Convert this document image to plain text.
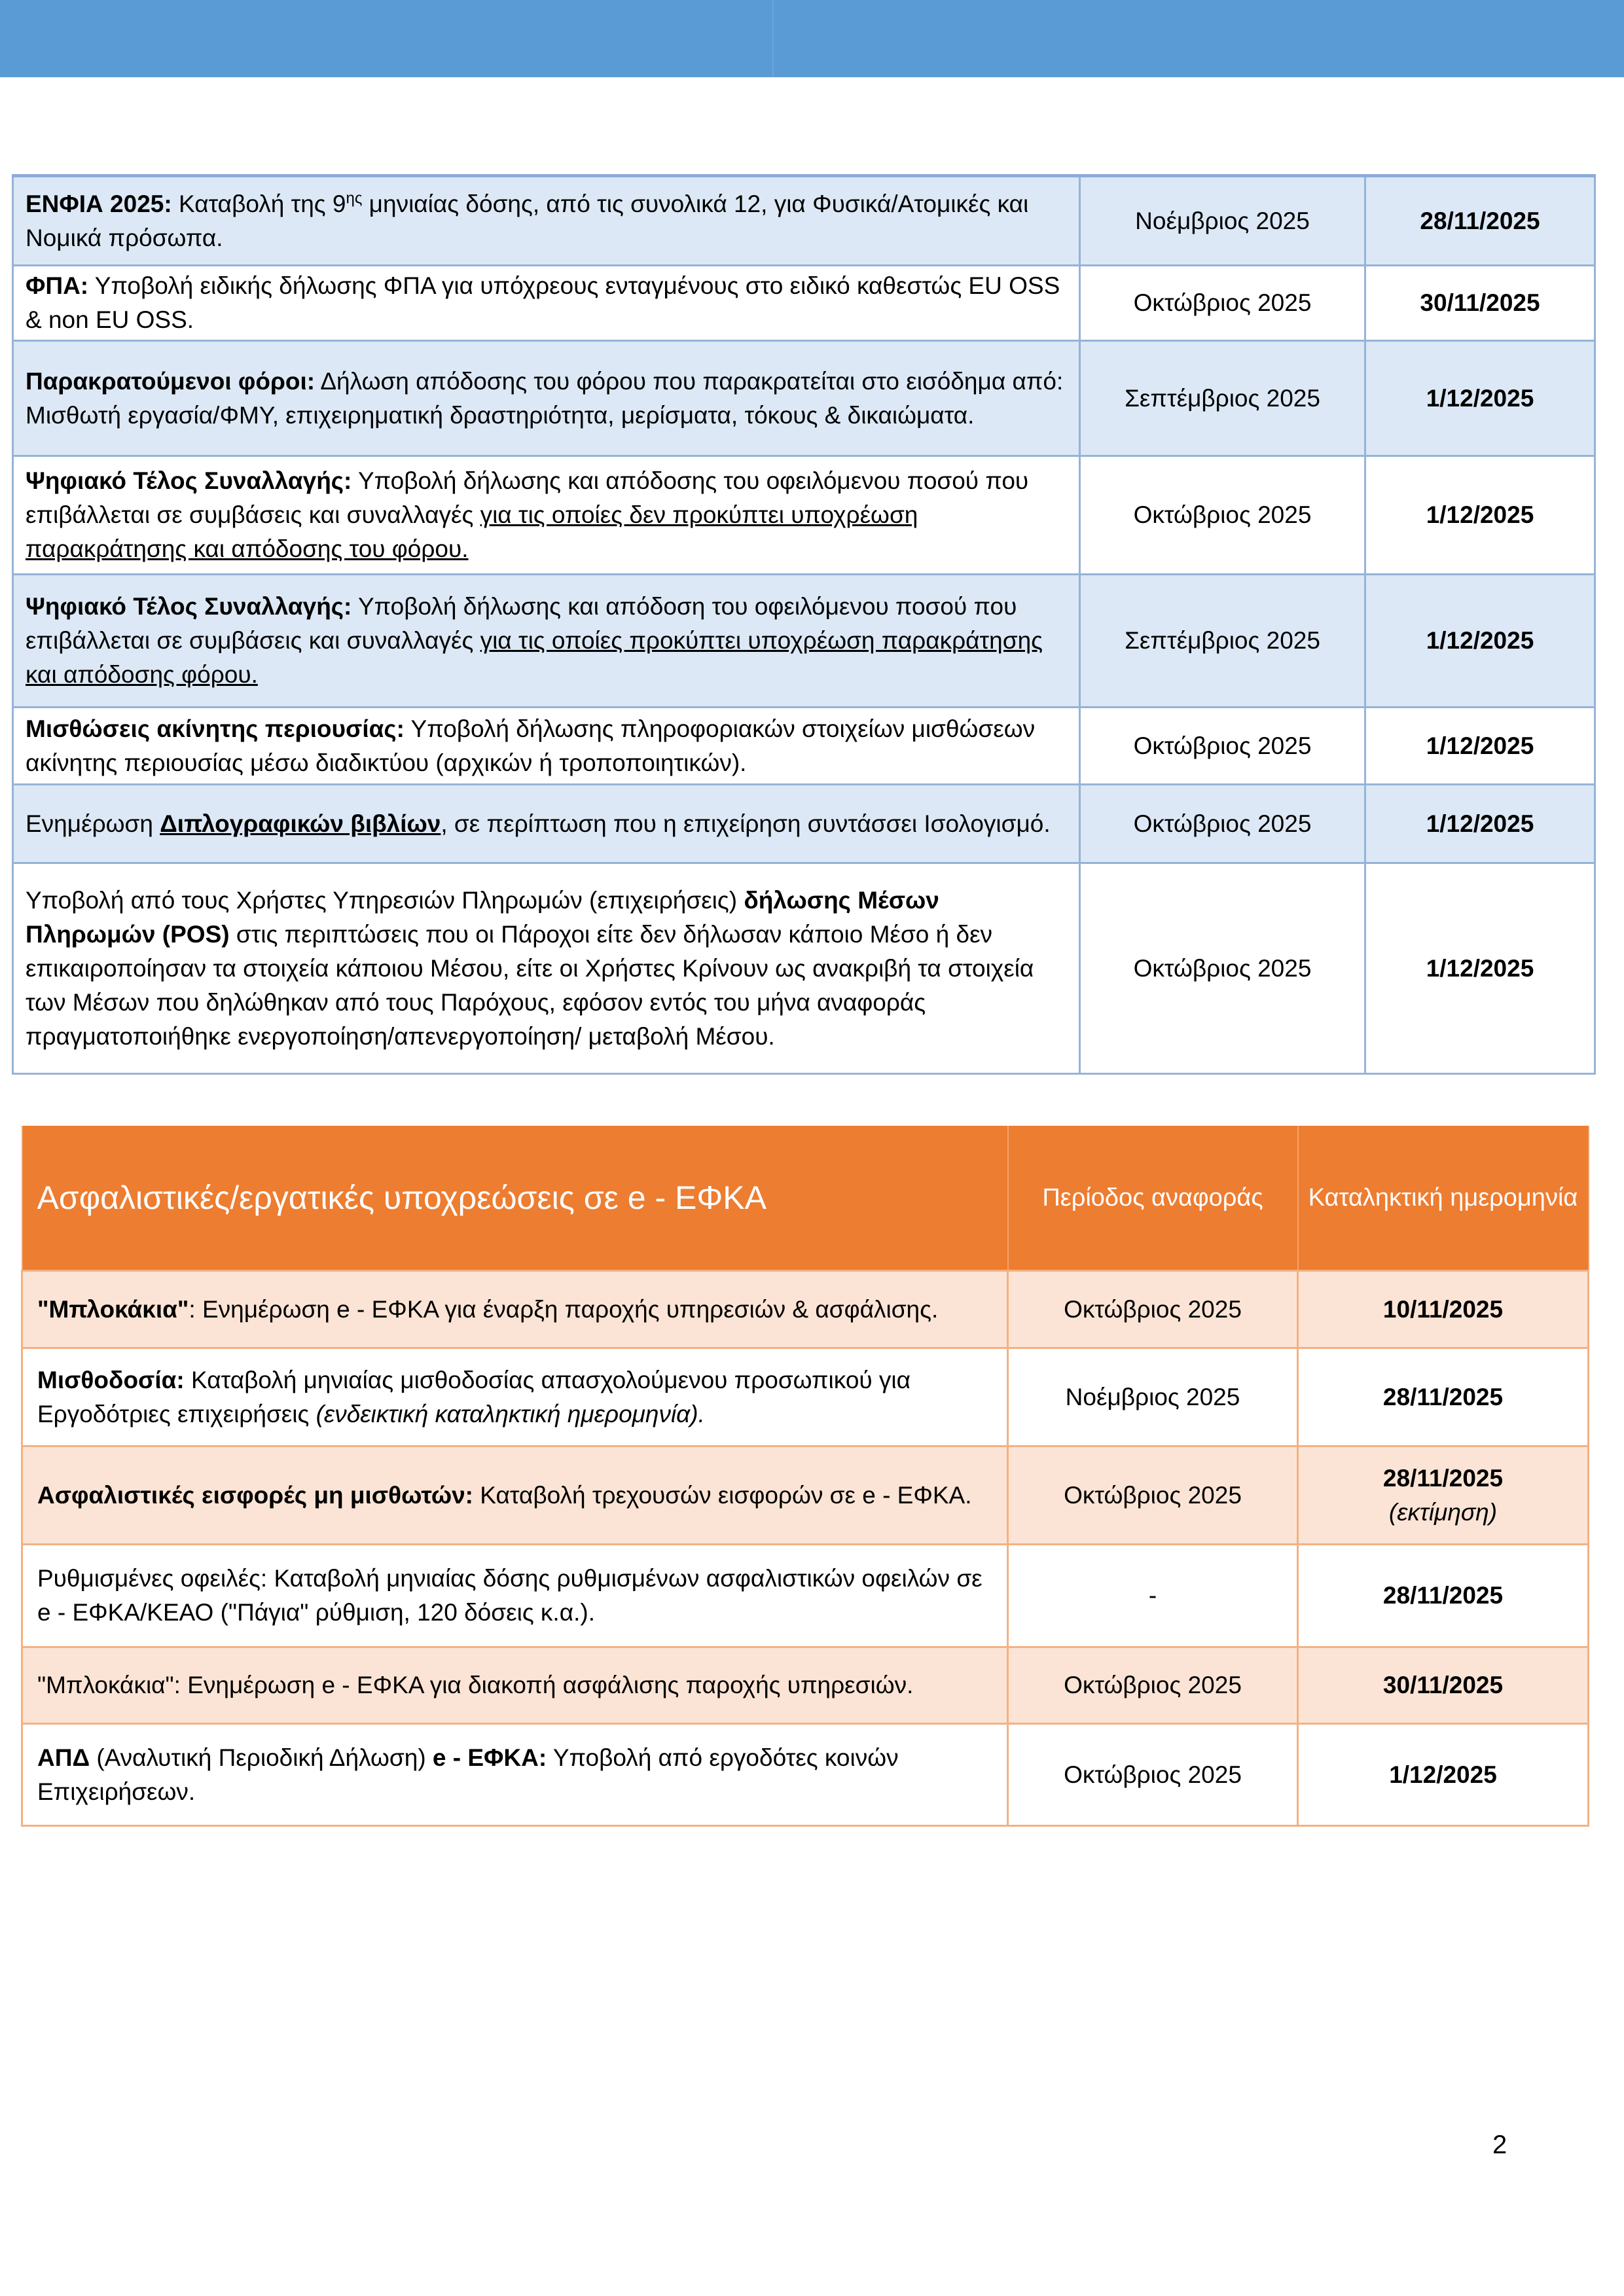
ΕΝΦΙΑ 2025: Καταβολή της $9^{\eta\varsigma}$ μηνιαίας δόσης, από τις συνολικά 12, για Φυσικά/Ατομικές και Νομικά πρόσωπα.	Νοέμβριος 2025	28/11/2025
ΦΠΑ: Υποβολή ειδικής δήλωσης ΦΠΑ για υπόχρεους ενταγμένους στο ειδικό καθεστώς EU OSS & non EU OSS.	Οκτώβριος 2025	30/11/2025
Παρακρατούμενοι φόροι: Δήλωση απόδοσης του φόρου που παρακρατείται στο εισόδημα από: Μισθωτή εργασία/ΦΜΥ, επιχειρηματική δραστηριότητα, μερίσματα, τόκους & δικαιώματα.	Σεπτέμβριος 2025	1/12/2025
Ψηφιακό Τέλος Συναλλαγής: Υποβολή δήλωσης και απόδοσης του οφειλόμενου ποσού που επιβάλλεται σε συμβάσεις και συναλλαγές για τις οποίες δεν προκύπτει υποχρέωση παρακράτησης και απόδοσης του φόρου.	Οκτώβριος 2025	1/12/2025
Ψηφιακό Τέλος Συναλλαγής: Υποβολή δήλωσης και απόδοση του οφειλόμενου ποσού που επιβάλλεται σε συμβάσεις και συναλλαγές για τις οποίες προκύπτει υποχρέωση παρακράτησης και απόδοσης φόρου.	Σεπτέμβριος 2025	1/12/2025
Μισθώσεις ακίνητης περιουσίας: Υποβολή δήλωσης πληροφοριακών στοιχείων μισθώσεων ακίνητης περιουσίας μέσω διαδικτύου (αρχικών ή τροποποιητικών).	Οκτώβριος 2025	1/12/2025
Ενημέρωση Διπλογραφικών βιβλίων, σε περίπτωση που η επιχείρηση συντάσσει Ισολογισμό.	Οκτώβριος 2025	1/12/2025
Υποβολή από τους Χρήστες Υπηρεσιών Πληρωμών (επιχειρήσεις) δήλωσης Μέσων Πληρωμών (POS) στις περιπτώσεις που οι Πάροχοι είτε δεν δήλωσαν κάποιο Μέσο ή δεν επικαιροποίησαν τα στοιχεία κάποιου Μέσου, είτε οι Χρήστες Κρίνουν ως ανακριβή τα στοιχεία των Μέσων που δηλώθηκαν από τους Παρόχους, εφόσον εντός του μήνα αναφοράς πραγματοποιήθηκε ενεργοποίηση/απενεργοποίηση/ μεταβολή Μέσου.	Οκτώβριος 2025	1/12/2025
Ασφαλιστικές/εργατικές υποχρεώσεις σε e - ΕΦΚΑ	Περίοδος αναφοράς	Καταληκτική ημερομηνία
"Μπλοκάκια": Ενημέρωση e - ΕΦΚΑ για έναρξη παροχής υπηρεσιών & ασφάλισης.	Οκτώβριος 2025	10/11/2025
Μισθοδοσία: Καταβολή μηνιαίας μισθοδοσίας απασχολούμενου προσωπικού για Εργοδότριες επιχειρήσεις (ενδεικτική καταληκτική ημερομηνία).	Νοέμβριος 2025	28/11/2025
Ασφαλιστικές εισφορές μη μισθωτών: Καταβολή τρεχουσών εισφορών σε e - ΕΦΚΑ.	Οκτώβριος 2025	28/11/2025
(εκτίμηση)

Ρυθμισμένες οφειλές: Καταβολή μηνιαίας δόσης ρυθμισμένων ασφαλιστικών οφειλών σε e - ΕΦΚΑ/ΚΕΑΟ ("Πάγια" ρύθμιση, 120 δόσεις κ.α.).	-	28/11/2025
"Μπλοκάκια": Ενημέρωση e - ΕΦΚΑ για διακοπή ασφάλισης παροχής υπηρεσιών.	Οκτώβριος 2025	30/11/2025
ΑΠΔ (Αναλυτική Περιοδική Δήλωση) e - ΕΦΚΑ: Υποβολή από εργοδότες κοινών Επιχειρήσεων.	Οκτώβριος 2025	1/12/2025
2
